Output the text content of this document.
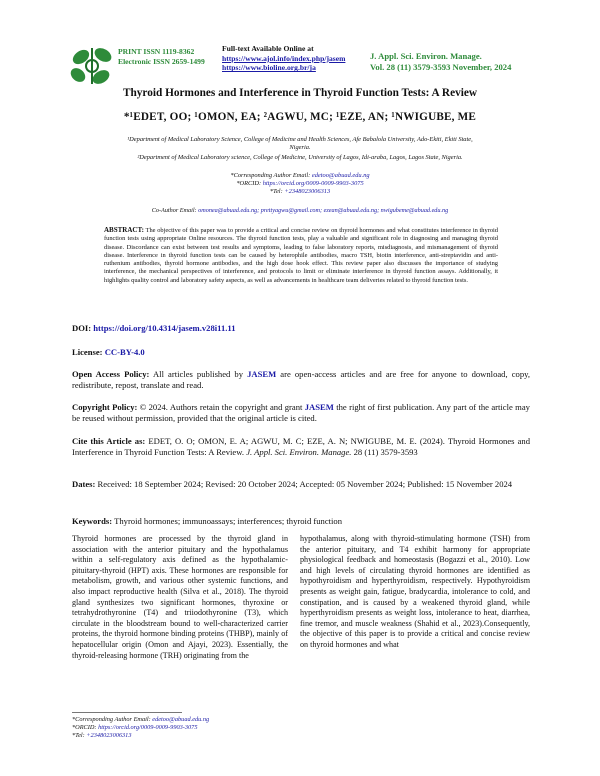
PRINT ISSN 1119-8362
Electronic ISSN 2659-1499
Full-text Available Online at
https://www.ajol.info/index.php/jasem
https://www.bioline.org.br/ja
J. Appl. Sci. Environ. Manage.
Vol. 28 (11) 3579-3593 November, 2024
Thyroid Hormones and Interference in Thyroid Function Tests: A Review
*¹EDET, OO; ¹OMON, EA; ²AGWU, MC; ¹EZE, AN; ¹NWIGUBE, ME
¹Department of Medical Laboratory Science, College of Medicine and Health Sciences, Afe Babalola University, Ado-Ekiti, Ekiti State,
Nigeria.
²Department of Medical Laboratory science, College of Medicine, University of Lagos, Idi-araba, Lagos, Lagos State, Nigeria.
*Corresponding Author Email: edetoo@abuad.edu.ng
*ORCID: https://orcid.org/0009-0009-9903-3075
*Tel: +2348023006313
Co-Author Email: omonea@abuad.edu.ng; prettyagwu@gmail.com; ezean@abuad.edu.ng; nwigubeme@abuad.edu.ng
ABSTRACT: The objective of this paper was to provide a critical and concise review on thyroid hormones and what constitutes interference in thyroid function tests using appropriate Online resources. The thyroid function tests, play a valuable and significant role in diagnosing and managing thyroid disease. Discordance can exist between test results and symptoms, leading to false laboratory reports, misdiagnosis, and mismanagement of thyroid disease. Interference in thyroid function tests can be caused by heterophile antibodies, macro TSH, biotin interference, anti-streptavidin and anti-ruthenium antibodies, thyroid hormone antibodies, and the high dose hook effect. This review paper also discusses the importance of studying interference, the mechanical perspectives of interference, and protocols to limit or eliminate interference in thyroid function assays. Additionally, it highlights quality control and laboratory safety aspects, as well as advancements in healthcare team deliveries related to thyroid function tests.
DOI: https://doi.org/10.4314/jasem.v28i11.11
License: CC-BY-4.0
Open Access Policy: All articles published by JASEM are open-access articles and are free for anyone to download, copy, redistribute, repost, translate and read.
Copyright Policy: © 2024. Authors retain the copyright and grant JASEM the right of first publication. Any part of the article may be reused without permission, provided that the original article is cited.
Cite this Article as: EDET, O. O; OMON, E. A; AGWU, M. C; EZE, A. N; NWIGUBE, M. E. (2024). Thyroid Hormones and Interference in Thyroid Function Tests: A Review. J. Appl. Sci. Environ. Manage. 28 (11) 3579-3593
Dates: Received: 18 September 2024; Revised: 20 October 2024; Accepted: 05 November 2024; Published: 15 November 2024
Keywords: Thyroid hormones; immunoassays; interferences; thyroid function
Thyroid hormones are processed by the thyroid gland in association with the anterior pituitary and the hypothalamus within a self-regulatory axis defined as the hypothalamic-pituitary-thyroid (HPT) axis. These hormones are responsible for metabolism, growth, and various other systemic functions, and also impact reproductive health (Silva et al., 2018). The thyroid gland synthesizes two significant hormones, thyroxine or tetrahydrothyronine (T4) and triiodothyronine (T3), which circulate in the bloodstream bound to well-characterized carrier proteins, the thyroid hormone binding proteins (THBP), mainly of hepatocellular origin (Omon and Ajayi, 2023). Essentially, the thyroid-releasing hormone (TRH) originating from the
hypothalamus, along with thyroid-stimulating hormone (TSH) from the anterior pituitary, and T4 exhibit harmony for appropriate physiological feedback and homeostasis (Bogazzi et al., 2010). Low and high levels of circulating thyroid hormones are identified as hypothyroidism and hyperthyroidism, respectively. Hypothyroidism presents as weight gain, fatigue, bradycardia, intolerance to cold, and constipation, and is caused by a weakened thyroid gland, while hyperthyroidism presents as weight loss, intolerance to heat, diarrhea, fine tremor, and muscle weakness (Shahid et al., 2023).Consequently, the objective of this paper is to provide a critical and concise review on thyroid hormones and what
*Corresponding Author Email: edetoo@abuad.edu.ng
*ORCID: https://orcid.org/0009-0009-9903-3075
*Tel: +2348023006313
